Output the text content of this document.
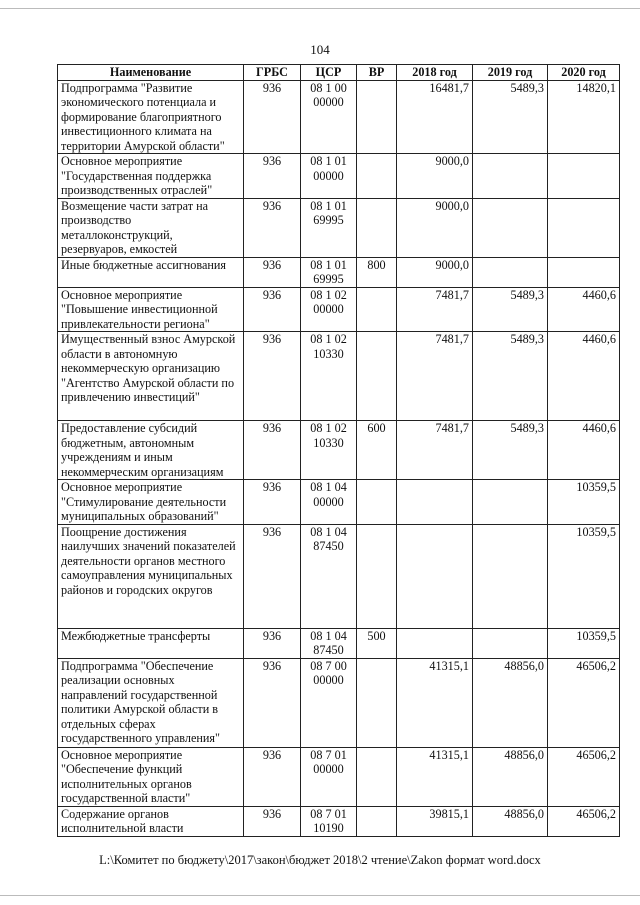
104
Наименование	ГРБС	ЦСР	ВР	2018 год	2019 год	2020 год
Подпрограмма "Развитие экономического потенциала и формирование благоприятного инвестиционного климата на территории Амурской области"	936	08 1 00 00000		16481,7	5489,3	14820,1
Основное мероприятие "Государственная поддержка производственных отраслей"	936	08 1 01 00000		9000,0		
Возмещение части затрат на производство металлоконструкций, резервуаров, емкостей	936	08 1 01 69995		9000,0		
Иные бюджетные ассигнования	936	08 1 01 69995	800	9000,0		
Основное мероприятие "Повышение инвестиционной привлекательности региона"	936	08 1 02 00000		7481,7	5489,3	4460,6
Имущественный взнос Амурской области в автономную некоммерческую организацию "Агентство Амурской области по привлечению инвестиций"	936	08 1 02 10330		7481,7	5489,3	4460,6
Предоставление субсидий бюджетным, автономным учреждениям и иным некоммерческим организациям	936	08 1 02 10330	600	7481,7	5489,3	4460,6
Основное мероприятие "Стимулирование деятельности муниципальных образований"	936	08 1 04 00000				10359,5
Поощрение достижения наилучших значений показателей деятельности органов местного самоуправления муниципальных районов и городских округов	936	08 1 04 87450				10359,5
Межбюджетные трансферты	936	08 1 04 87450	500			10359,5
Подпрограмма "Обеспечение реализации основных направлений государственной политики Амурской области в отдельных сферах государственного управления"	936	08 7 00 00000		41315,1	48856,0	46506,2
Основное мероприятие "Обеспечение функций исполнительных органов государственной власти"	936	08 7 01 00000		41315,1	48856,0	46506,2
Содержание органов исполнительной власти	936	08 7 01 10190		39815,1	48856,0	46506,2
L:\Комитет по бюджету\2017\закон\бюджет 2018\2 чтение\Zakon формат word.docx
